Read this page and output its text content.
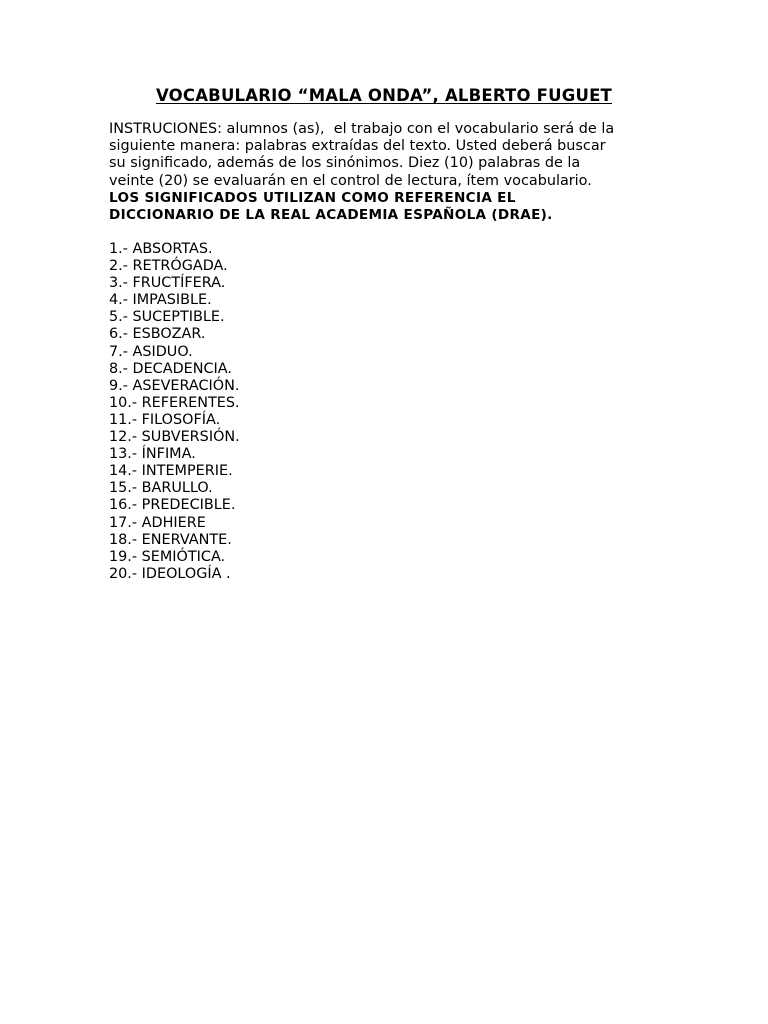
VOCABULARIO “MALA ONDA”, ALBERTO FUGUET
INSTRUCIONES: alumnos (as),  el trabajo con el vocabulario será de la
siguiente manera: palabras extraídas del texto. Usted deberá buscar
su significado, además de los sinónimos. Diez (10) palabras de la
veinte (20) se evaluarán en el control de lectura, ítem vocabulario.
LOS SIGNIFICADOS UTILIZAN COMO REFERENCIA EL
DICCIONARIO DE LA REAL ACADEMIA ESPAÑOLA (DRAE).
1.- ABSORTAS.
2.- RETRÓGADA.
3.- FRUCTÍFERA.
4.- IMPASIBLE.
5.- SUCEPTIBLE.
6.- ESBOZAR.
7.- ASIDUO.
8.- DECADENCIA.
9.- ASEVERACIÓN.
10.- REFERENTES.
11.- FILOSOFÍA.
12.- SUBVERSIÓN.
13.- ÍNFIMA.
14.- INTEMPERIE.
15.- BARULLO.
16.- PREDECIBLE.
17.- ADHIERE
18.- ENERVANTE.
19.- SEMIÓTICA.
20.- IDEOLOGÍA .
